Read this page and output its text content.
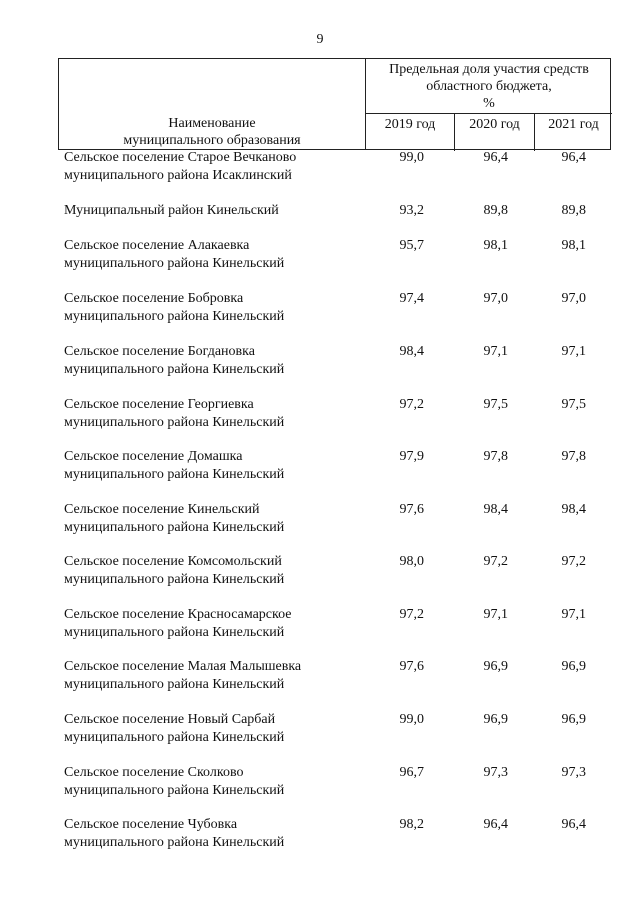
9
Наименование
муниципального образования
Предельная доля участия средств
областного бюджета,
%
2019 год	2020 год	2021 год
Сельское поселение Старое Вечканово
муниципального района Исаклинский
99,0	96,4	96,4
Муниципальный район Кинельский	93,2	89,8	89,8
Сельское поселение Алакаевка
муниципального района Кинельский
95,7	98,1	98,1
Сельское поселение Бобровка
муниципального района Кинельский
97,4	97,0	97,0
Сельское поселение Богдановка
муниципального района Кинельский
98,4	97,1	97,1
Сельское поселение Георгиевка
муниципального района Кинельский
97,2	97,5	97,5
Сельское поселение Домашка
муниципального района Кинельский
97,9	97,8	97,8
Сельское поселение Кинельский
муниципального района Кинельский
97,6	98,4	98,4
Сельское поселение Комсомольский
муниципального района Кинельский
98,0	97,2	97,2
Сельское поселение Красносамарское
муниципального района Кинельский
97,2	97,1	97,1
Сельское поселение Малая Малышевка
муниципального района Кинельский
97,6	96,9	96,9
Сельское поселение Новый Сарбай
муниципального района Кинельский
99,0	96,9	96,9
Сельское поселение Сколково
муниципального района Кинельский
96,7	97,3	97,3
Сельское поселение Чубовка
муниципального района Кинельский
98,2	96,4	96,4
